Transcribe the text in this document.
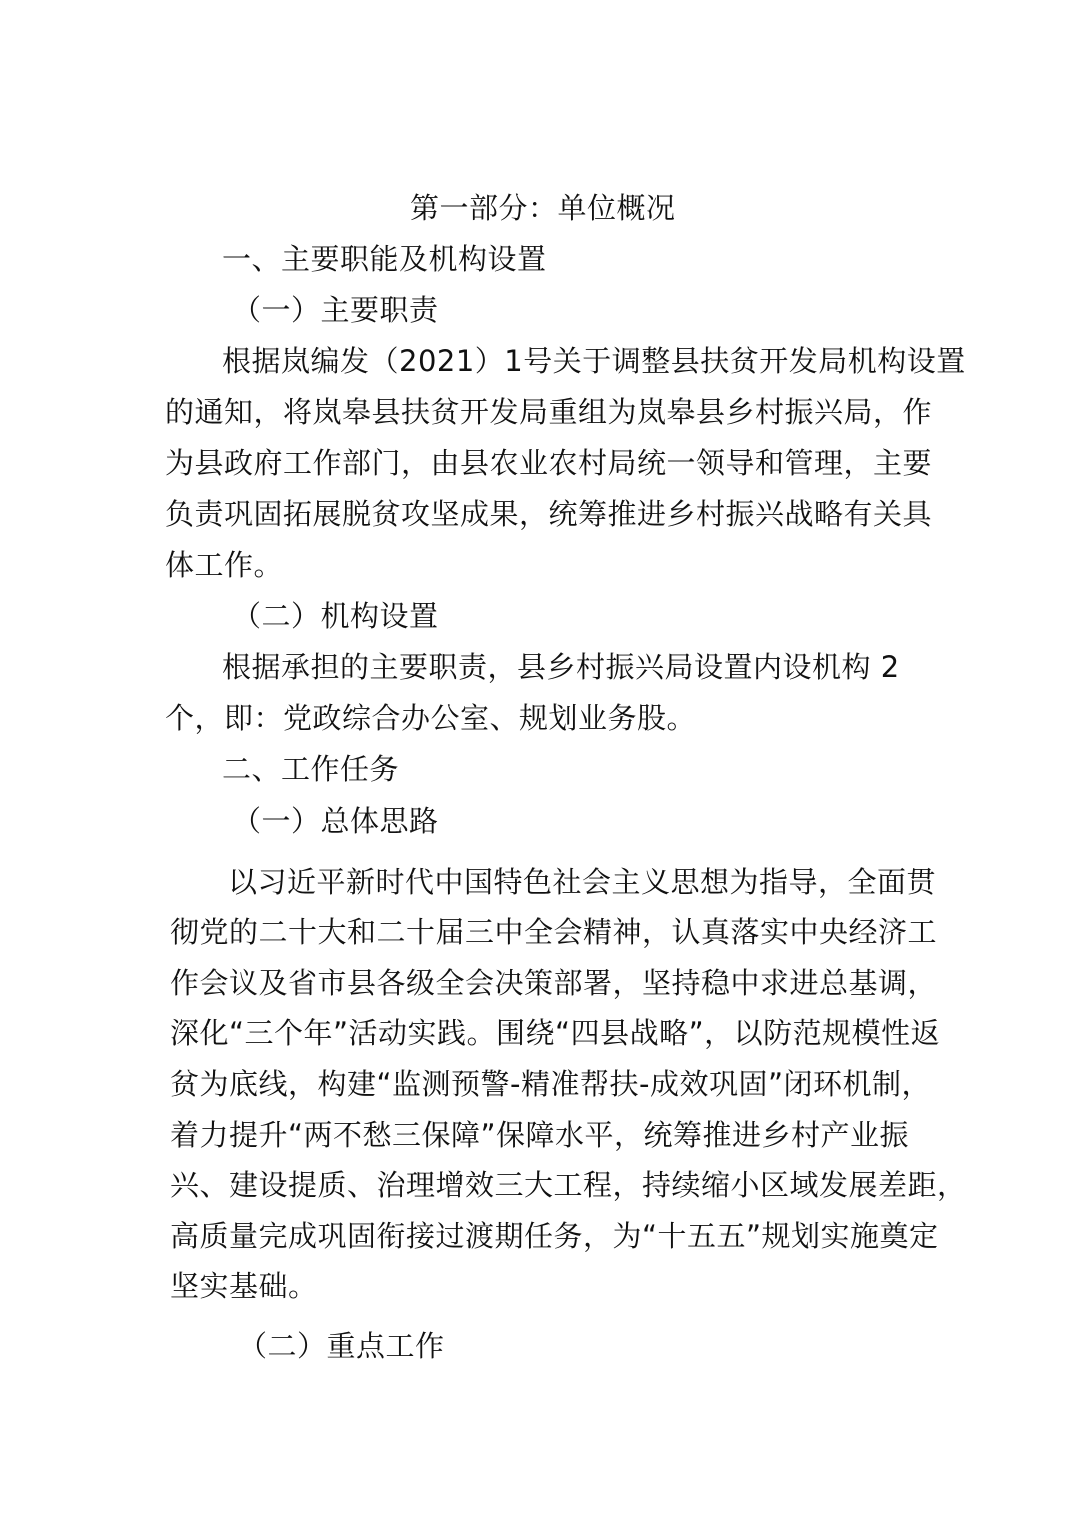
第一部分：单位概况
一、主要职能及机构设置
（一）主要职责
根据岚编发（2021）1号关于调整县扶贫开发局机构设置
的通知，将岚皋县扶贫开发局重组为岚皋县乡村振兴局，作
为县政府工作部门，由县农业农村局统一领导和管理，主要
负责巩固拓展脱贫攻坚成果，统筹推进乡村振兴战略有关具
体工作。
（二）机构设置
根据承担的主要职责，县乡村振兴局设置内设机构 2
个，即：党政综合办公室、规划业务股。
二、工作任务
（一）总体思路
以习近平新时代中国特色社会主义思想为指导，全面贯
彻党的二十大和二十届三中全会精神，认真落实中央经济工
作会议及省市县各级全会决策部署，坚持稳中求进总基调，
深化“三个年”活动实践。围绕“四县战略”，以防范规模性返
贫为底线，构建“监测预警-精准帮扶-成效巩固”闭环机制，
着力提升“两不愁三保障”保障水平，统筹推进乡村产业振
兴、建设提质、治理增效三大工程，持续缩小区域发展差距，
高质量完成巩固衔接过渡期任务，为“十五五”规划实施奠定
坚实基础。
（二）重点工作
